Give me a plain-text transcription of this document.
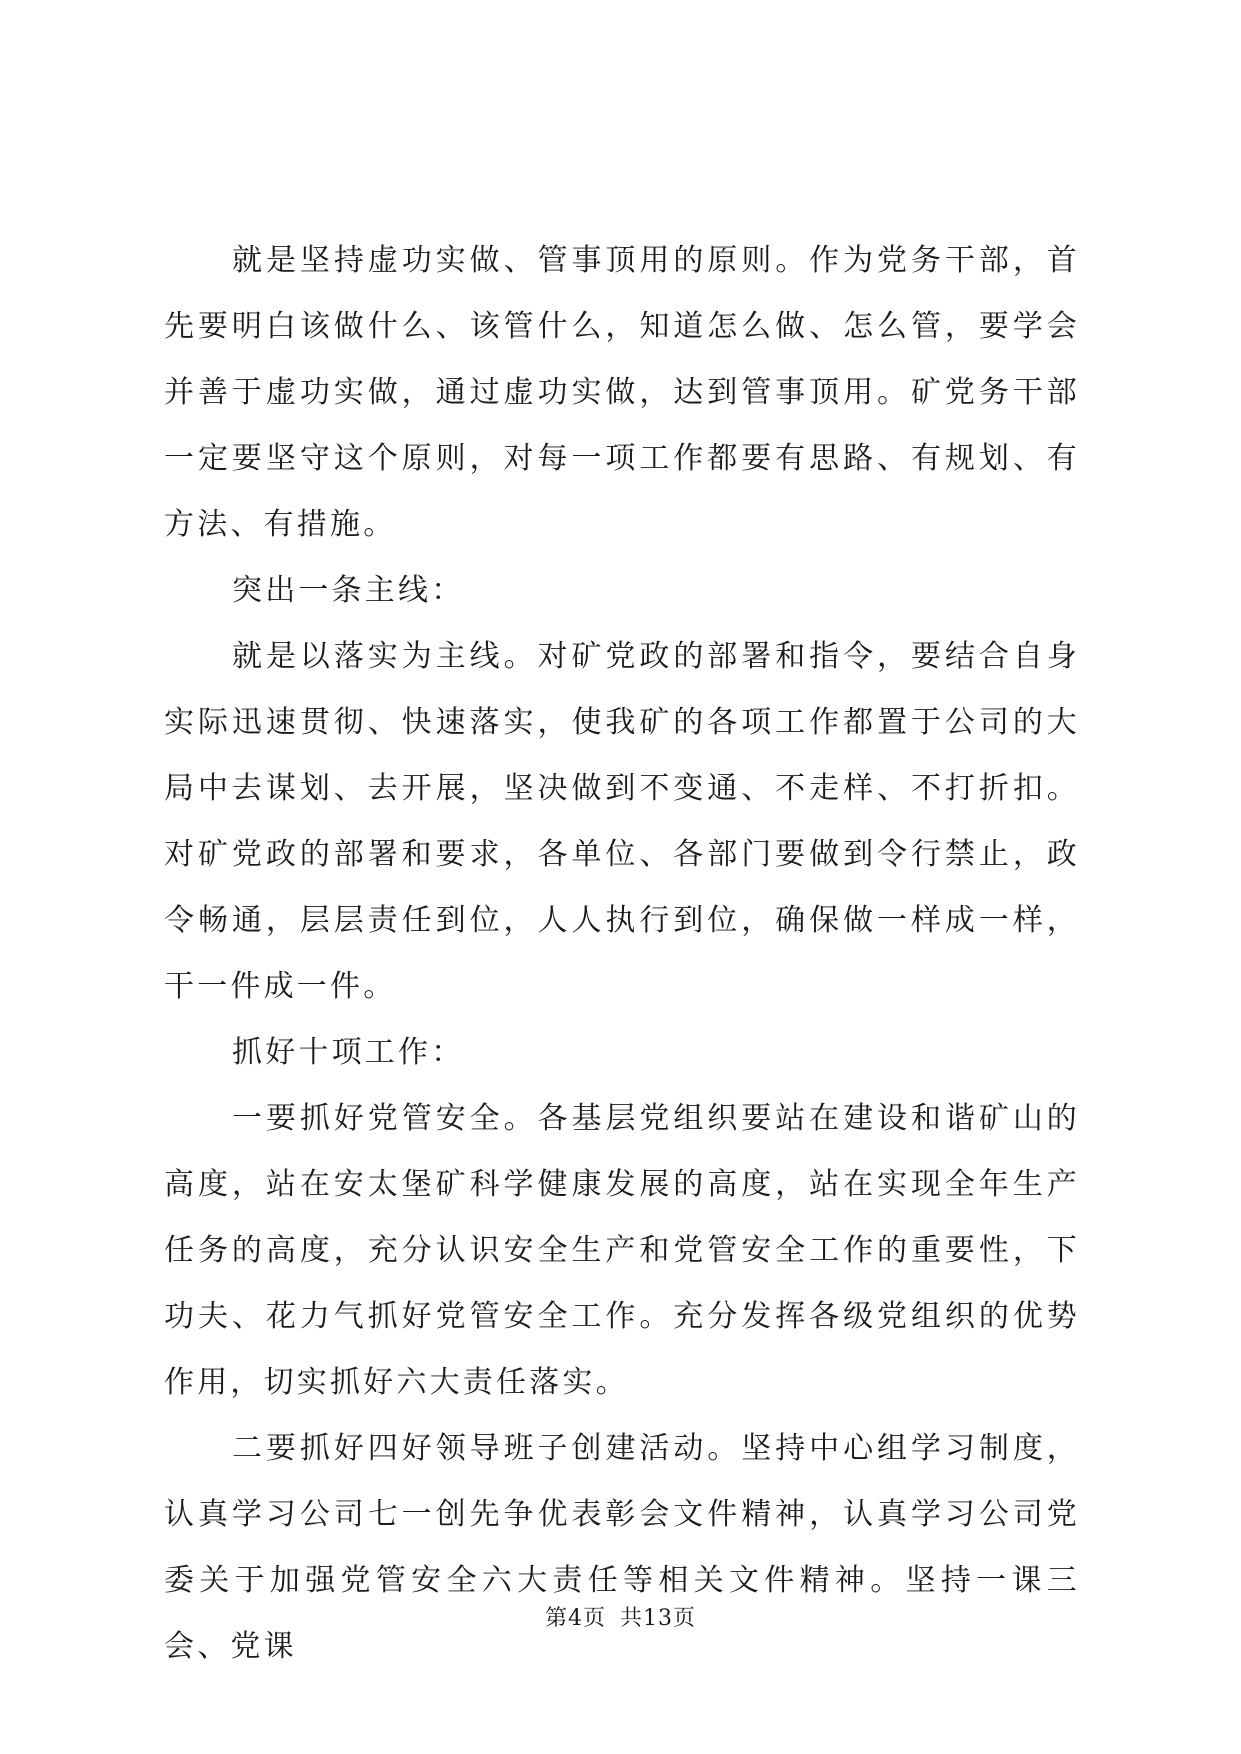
就是坚持虚功实做、管事顶用的原则。作为党务干部，首先要明白该做什么、该管什么，知道怎么做、怎么管，要学会并善于虚功实做，通过虚功实做，达到管事顶用。矿党务干部一定要坚守这个原则，对每一项工作都要有思路、有规划、有方法、有措施。

突出一条主线：

就是以落实为主线。对矿党政的部署和指令，要结合自身实际迅速贯彻、快速落实，使我矿的各项工作都置于公司的大局中去谋划、去开展，坚决做到不变通、不走样、不打折扣。对矿党政的部署和要求，各单位、各部门要做到令行禁止，政令畅通，层层责任到位，人人执行到位，确保做一样成一样，干一件成一件。

抓好十项工作：

一要抓好党管安全。各基层党组织要站在建设和谐矿山的高度，站在安太堡矿科学健康发展的高度，站在实现全年生产任务的高度，充分认识安全生产和党管安全工作的重要性，下功夫、花力气抓好党管安全工作。充分发挥各级党组织的优势作用，切实抓好六大责任落实。

二要抓好四好领导班子创建活动。坚持中心组学习制度，认真学习公司七一创先争优表彰会文件精神，认真学习公司党委关于加强党管安全六大责任等相关文件精神。坚持一课三会、党课

第4页 共13页
